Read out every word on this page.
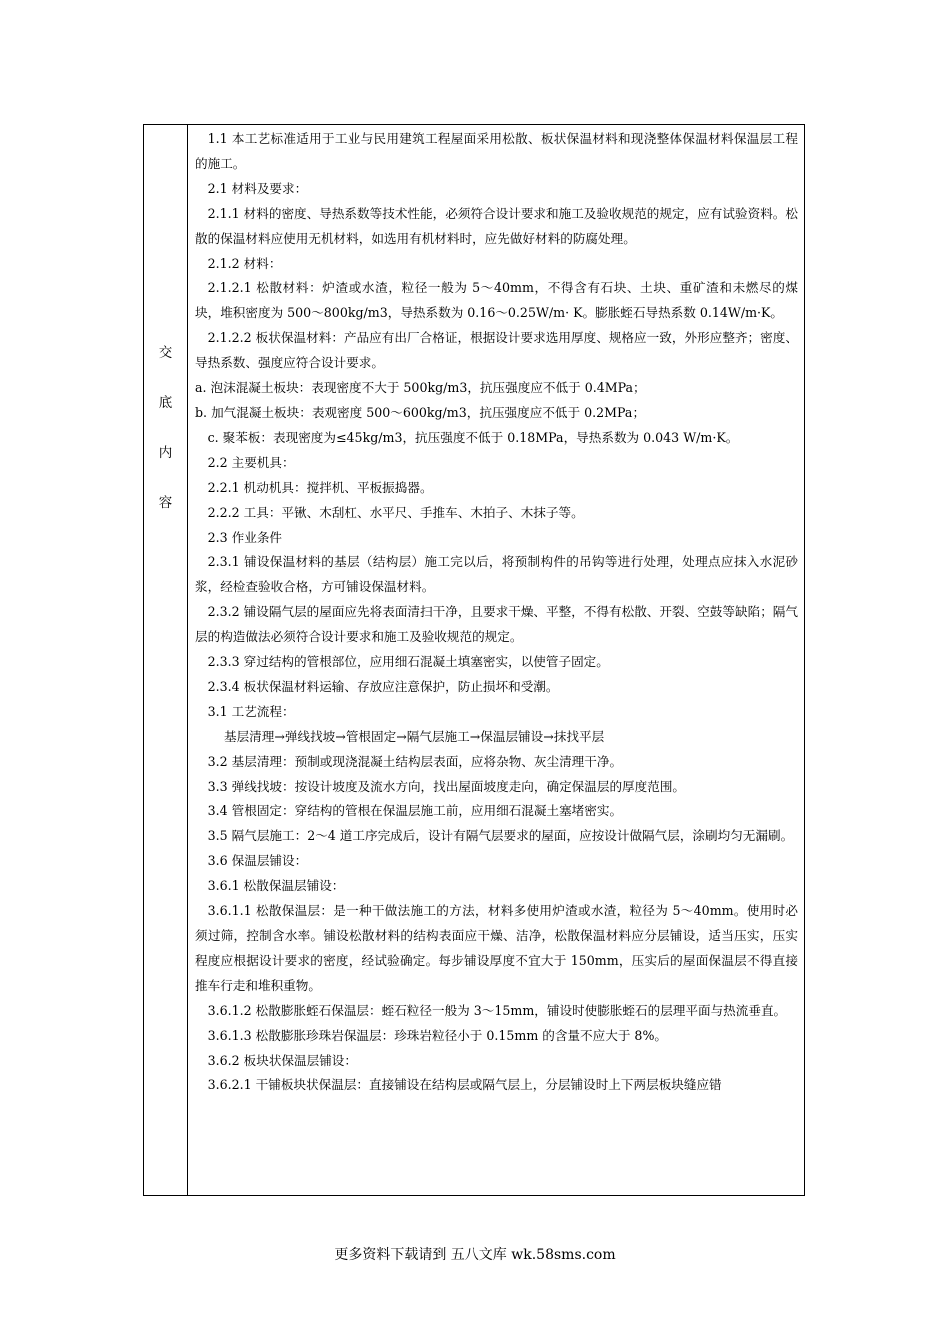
交
底
内
容

1.1 本工艺标准适用于工业与民用建筑工程屋面采用松散、板状保温材料和现浇整体保温材料保温层工程的施工。

2.1 材料及要求：

2.1.1 材料的密度、导热系数等技术性能，必须符合设计要求和施工及验收规范的规定，应有试验资料。松散的保温材料应使用无机材料，如选用有机材料时，应先做好材料的防腐处理。

2.1.2 材料：

2.1.2.1 松散材料：炉渣或水渣，粒径一般为 5～40mm，不得含有石块、土块、重矿渣和未燃尽的煤块，堆积密度为 500～800kg/m3，导热系数为 0.16～0.25W/m· K。膨胀蛭石导热系数 0.14W/m·K。

2.1.2.2 板状保温材料：产品应有出厂合格证，根据设计要求选用厚度、规格应一致，外形应整齐；密度、导热系数、强度应符合设计要求。

a. 泡沫混凝土板块：表现密度不大于 500kg/m3，抗压强度应不低于 0.4MPa；

b. 加气混凝土板块：表观密度 500～600kg/m3，抗压强度应不低于 0.2MPa；

c. 聚苯板：表现密度为≤45kg/m3，抗压强度不低于 0.18MPa，导热系数为 0.043 W/m·K。

2.2 主要机具：

2.2.1 机动机具：搅拌机、平板振捣器。

2.2.2 工具：平锹、木刮杠、水平尺、手推车、木拍子、木抹子等。

2.3 作业条件

2.3.1 铺设保温材料的基层（结构层）施工完以后，将预制构件的吊钩等进行处理，处理点应抹入水泥砂浆，经检查验收合格，方可铺设保温材料。

2.3.2 铺设隔气层的屋面应先将表面清扫干净，且要求干燥、平整，不得有松散、开裂、空鼓等缺陷；隔气层的构造做法必须符合设计要求和施工及验收规范的规定。

2.3.3 穿过结构的管根部位，应用细石混凝土填塞密实，以使管子固定。

2.3.4 板状保温材料运输、存放应注意保护，防止损坏和受潮。

3.1 工艺流程：

基层清理→弹线找坡→管根固定→隔气层施工→保温层铺设→抹找平层

3.2 基层清理：预制或现浇混凝土结构层表面，应将杂物、灰尘清理干净。

3.3 弹线找坡：按设计坡度及流水方向，找出屋面坡度走向，确定保温层的厚度范围。

3.4 管根固定：穿结构的管根在保温层施工前，应用细石混凝土塞堵密实。

3.5 隔气层施工：2～4 道工序完成后，设计有隔气层要求的屋面，应按设计做隔气层，涂刷均匀无漏刷。

3.6 保温层铺设：

3.6.1 松散保温层铺设：

3.6.1.1 松散保温层：是一种干做法施工的方法，材料多使用炉渣或水渣，粒径为 5～40mm。使用时必须过筛，控制含水率。铺设松散材料的结构表面应干燥、洁净，松散保温材料应分层铺设，适当压实，压实程度应根据设计要求的密度，经试验确定。每步铺设厚度不宜大于 150mm，压实后的屋面保温层不得直接推车行走和堆积重物。

3.6.1.2 松散膨胀蛭石保温层：蛭石粒径一般为 3～15mm，铺设时使膨胀蛭石的层理平面与热流垂直。

3.6.1.3 松散膨胀珍珠岩保温层：珍珠岩粒径小于 0.15mm 的含量不应大于 8%。

3.6.2 板块状保温层铺设：

3.6.2.1 干铺板块状保温层：直接铺设在结构层或隔气层上，分层铺设时上下两层板块缝应错

更多资料下载请到 五八文库 wk.58sms.com
